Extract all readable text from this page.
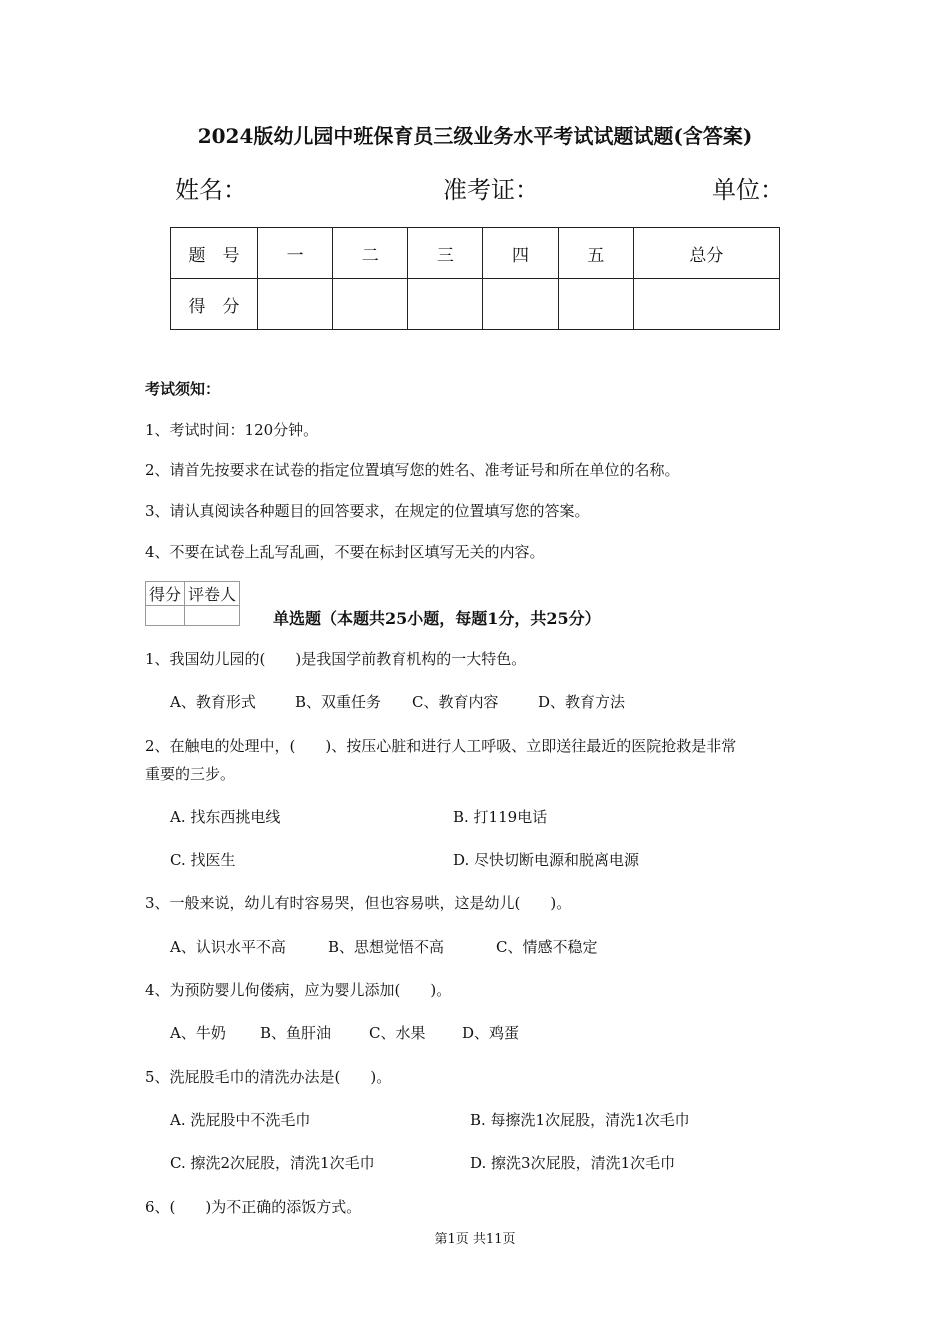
2024版幼儿园中班保育员三级业务水平考试试题试题(含答案)
姓名：	准考证：	单位：
题　号	一	二	三	四	五	总分
得　分						
考试须知：
1、考试时间：120分钟。
2、请首先按要求在试卷的指定位置填写您的姓名、准考证号和所在单位的名称。
3、请认真阅读各种题目的回答要求，在规定的位置填写您的答案。
4、不要在试卷上乱写乱画，不要在标封区填写无关的内容。
得分	评卷人

单选题（本题共25小题，每题1分，共25分）
1、我国幼儿园的(　　)是我国学前教育机构的一大特色。
A、教育形式	B、双重任务 C、教育内容	D、教育方法
2、在触电的处理中，(　　)、按压心脏和进行人工呼吸、立即送往最近的医院抢救是非常
重要的三步。
A. 找东西挑电线	B. 打119电话
C. 找医生	D. 尽快切断电源和脱离电源
3、一般来说，幼儿有时容易哭，但也容易哄，这是幼儿(　　)。
A、认识水平不高	B、思想觉悟不高	C、情感不稳定
4、为预防婴儿佝偻病，应为婴儿添加(　　)。
A、牛奶 B、鱼肝油	C、水果 D、鸡蛋
5、洗屁股毛巾的清洗办法是(　　)。
A. 洗屁股中不洗毛巾	B. 每擦洗1次屁股，清洗1次毛巾
C. 擦洗2次屁股，清洗1次毛巾	D. 擦洗3次屁股，清洗1次毛巾
6、(　　)为不正确的添饭方式。
第1页 共11页
